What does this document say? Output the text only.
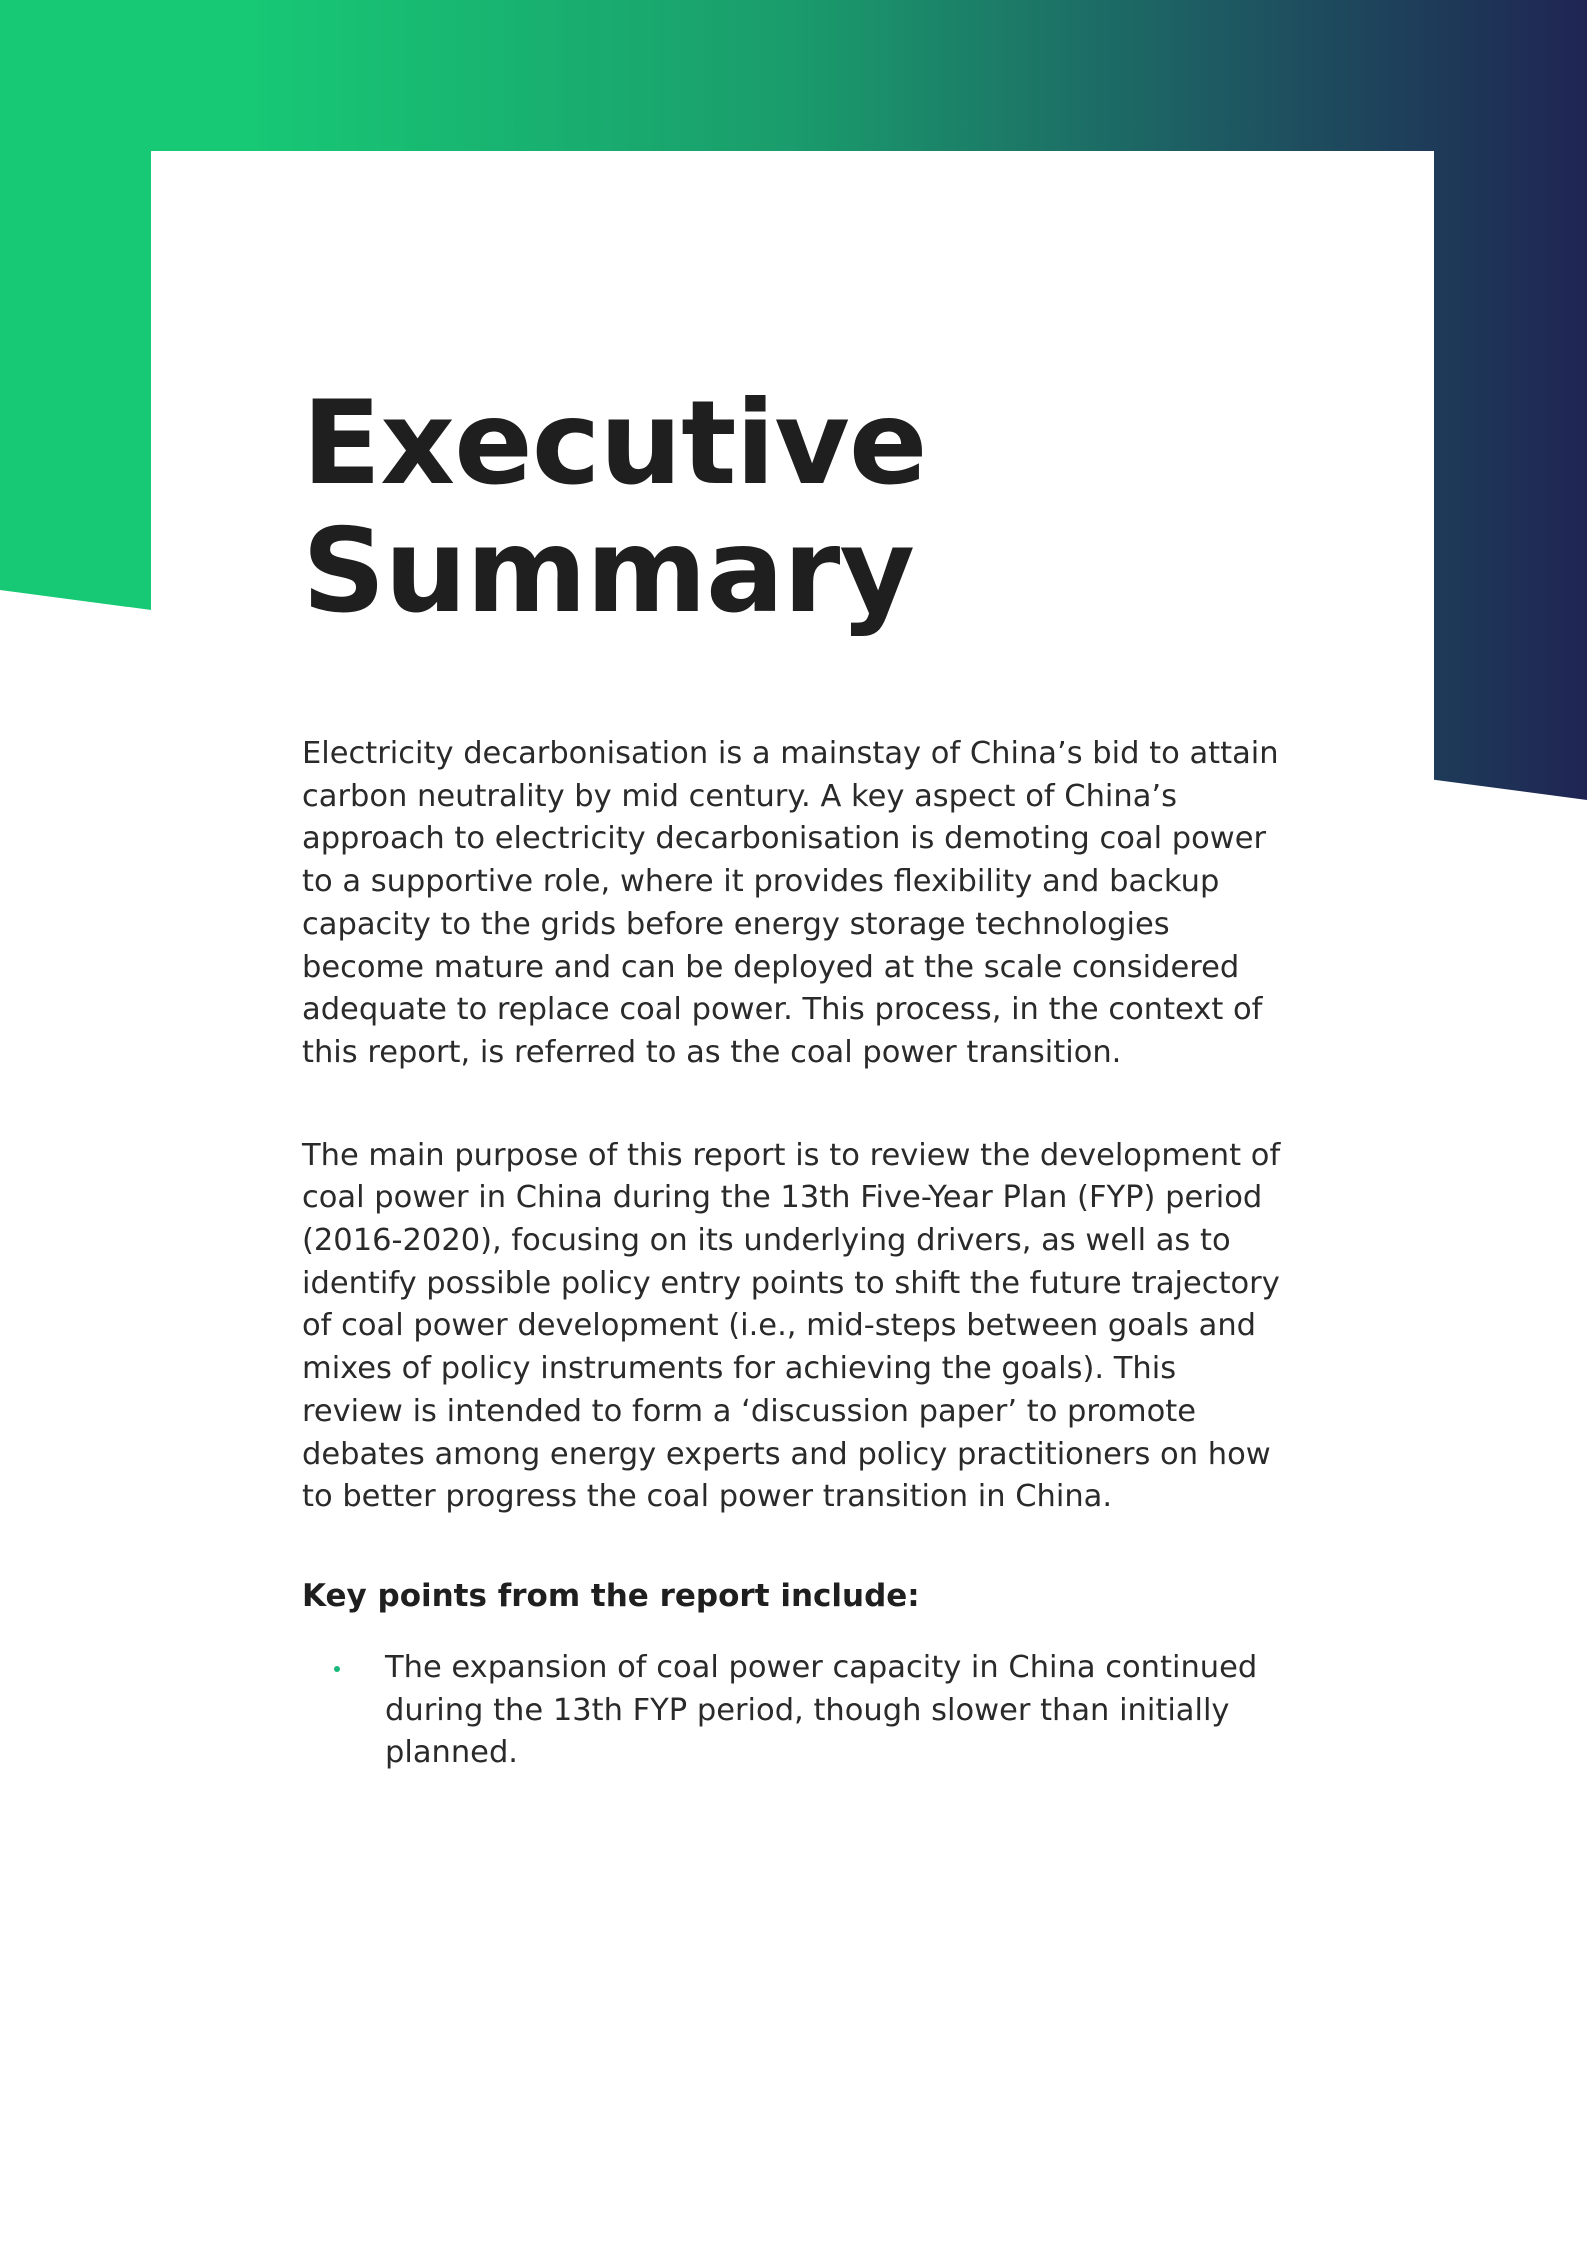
Executive
Summary

Electricity decarbonisation is a mainstay of China’s bid to attain carbon neutrality by mid century. A key aspect of China’s approach to electricity decarbonisation is demoting coal power to a supportive role, where it provides flexibility and backup capacity to the grids before energy storage technologies become mature and can be deployed at the scale considered adequate to replace coal power. This process, in the context of this report, is referred to as the coal power transition.

The main purpose of this report is to review the development of coal power in China during the 13th Five-Year Plan (FYP) period (2016-2020), focusing on its underlying drivers, as well as to identify possible policy entry points to shift the future trajectory of coal power development (i.e., mid-steps between goals and mixes of policy instruments for achieving the goals). This review is intended to form a ‘discussion paper’ to promote debates among energy experts and policy practitioners on how to better progress the coal power transition in China.

Key points from the report include:
The expansion of coal power capacity in China continued during the 13th FYP period, though slower than initially planned.
